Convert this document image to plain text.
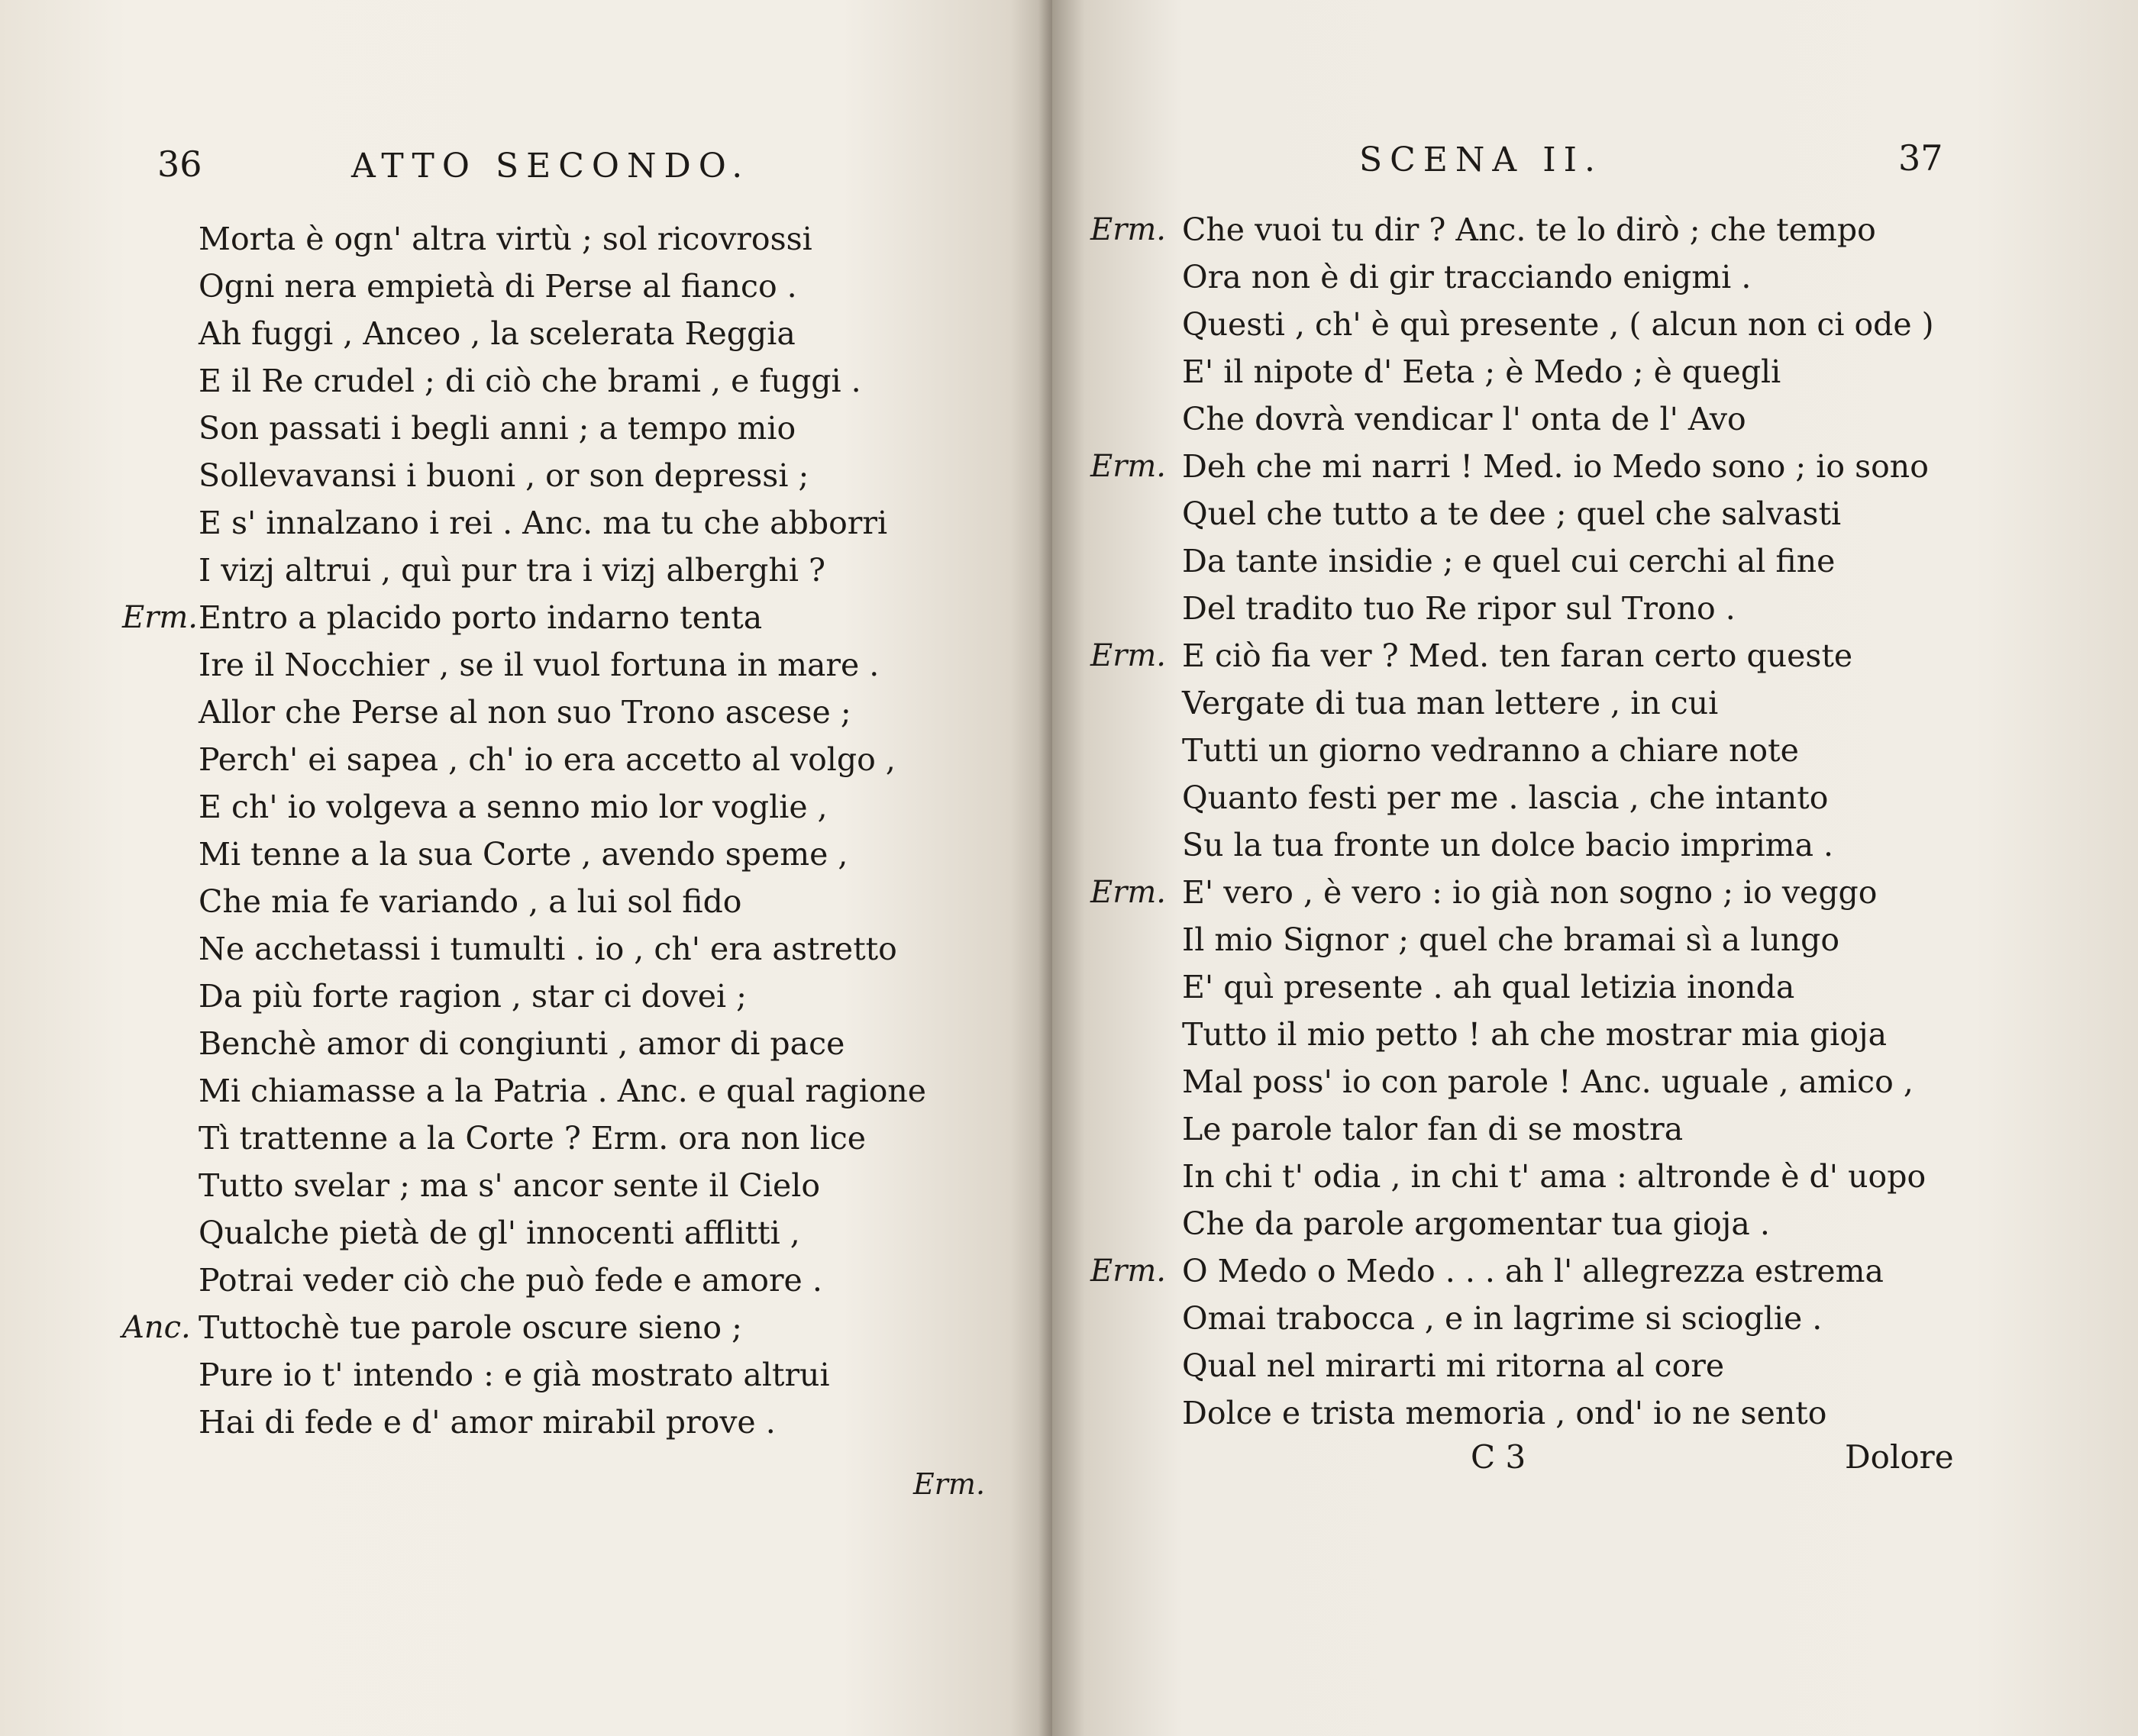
36	ATTO SECONDO.
Morta è ogn' altra virtù ; sol ricovrossi
Ogni nera empietà di Perse al fianco .
Ah fuggi , Anceo , la scelerata Reggia
E il Re crudel ; di ciò che brami , e fuggi .
Son passati i begli anni ; a tempo mio
Sollevavansi i buoni , or son depressi ;
E s' innalzano i rei . Anc. ma tu che abborri
I vizj altrui , quì pur tra i vizj alberghi ?
Erm. Entro a placido porto indarno tenta
Ire il Nocchier , se il vuol fortuna in mare .
Allor che Perse al non suo Trono ascese ;
Perch' ei sapea , ch' io era accetto al volgo ,
E ch' io volgeva a senno mio lor voglie ,
Mi tenne a la sua Corte , avendo speme ,
Che mia fe variando , a lui sol fido
Ne acchetassi i tumulti . io , ch' era astretto
Da più forte ragion , star ci dovei ;
Benchè amor di congiunti , amor di pace
Mi chiamasse a la Patria . Anc. e qual ragione
Tì trattenne a la Corte ? Erm. ora non lice
Tutto svelar ; ma s' ancor sente il Cielo
Qualche pietà de gl' innocenti afflitti ,
Potrai veder ciò che può fede e amore .
Anc. Tuttochè tue parole oscure sieno ;
Pure io t' intendo : e già mostrato altrui
Hai di fede e d' amor mirabil prove .
Erm.
SCENA II.	37
Erm. Che vuoi tu dir ? Anc. te lo dirò ; che tempo
Ora non è di gir tracciando enigmi .
Questi , ch' è quì presente , ( alcun non ci ode )
E' il nipote d' Eeta ; è Medo ; è quegli
Che dovrà vendicar l' onta de l' Avo
Erm. Deh che mi narri ! Med. io Medo sono ; io sono
Quel che tutto a te dee ; quel che salvasti
Da tante insidie ; e quel cui cerchi al fine
Del tradito tuo Re ripor sul Trono .
Erm. E ciò fia ver ? Med. ten faran certo queste
Vergate di tua man lettere , in cui
Tutti un giorno vedranno a chiare note
Quanto festi per me . lascia , che intanto
Su la tua fronte un dolce bacio imprima .
Erm. E' vero , è vero : io già non sogno ; io veggo
Il mio Signor ; quel che bramai sì a lungo
E' quì presente . ah qual letizia inonda
Tutto il mio petto ! ah che mostrar mia gioja
Mal poss' io con parole ! Anc. uguale , amico ,
Le parole talor fan di se mostra
In chi t' odia , in chi t' ama : altronde è d' uopo
Che da parole argomentar tua gioja .
Erm. O Medo o Medo . . . ah l' allegrezza estrema
Omai trabocca , e in lagrime si scioglie .
Qual nel mirarti mi ritorna al core
Dolce e trista memoria , ond' io ne sento
C 3	Dolore
